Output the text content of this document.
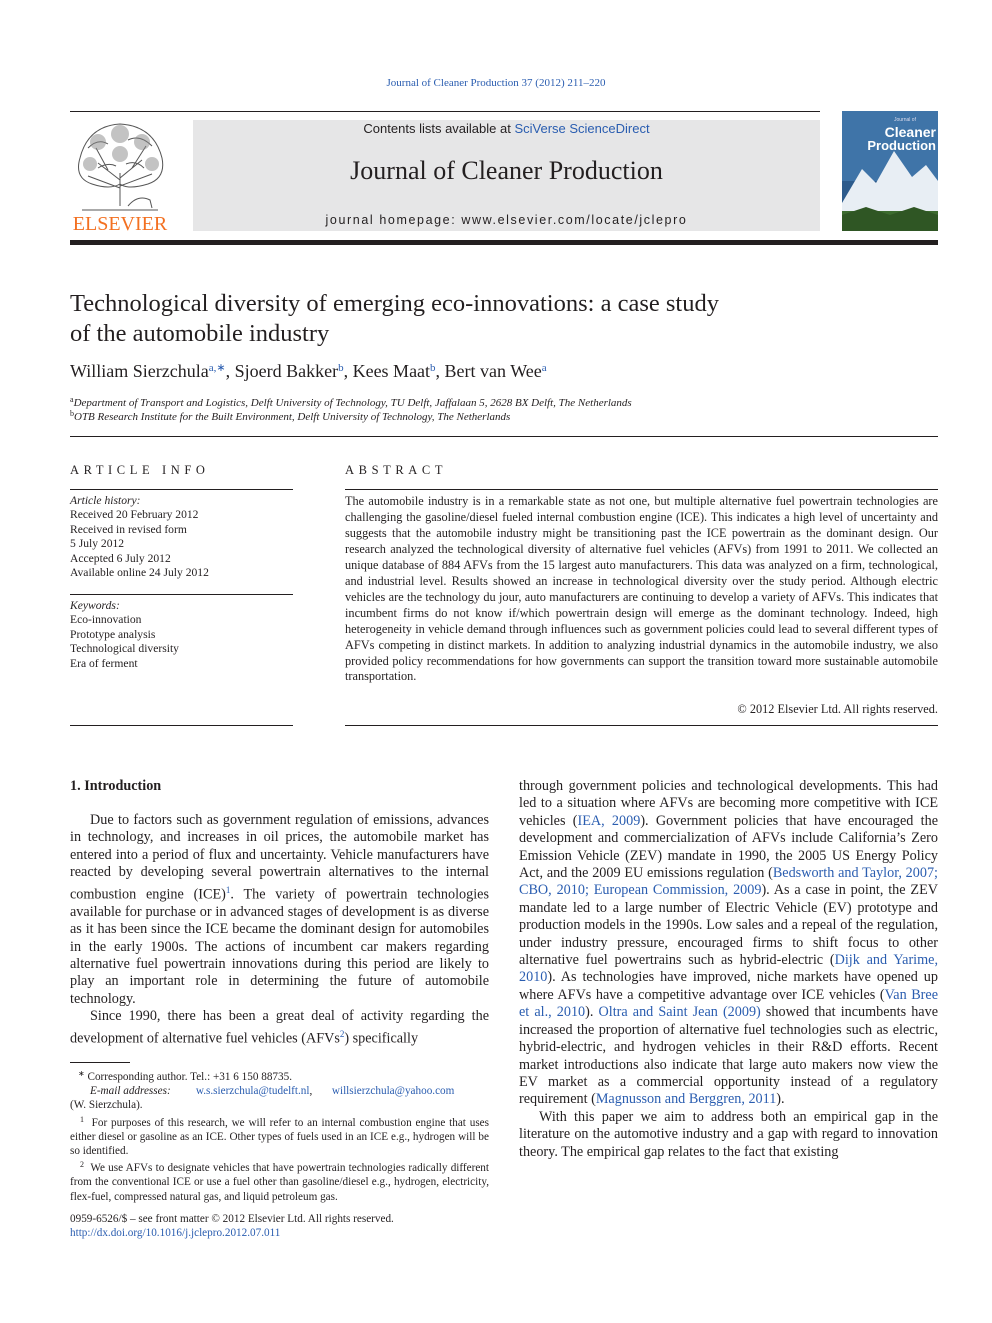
Journal of Cleaner Production 37 (2012) 211–220
ELSEVIER
Contents lists available at SciVerse ScienceDirect
Journal of Cleaner Production
journal homepage: www.elsevier.com/locate/jclepro
Journal of
Cleaner
Production
Technological diversity of emerging eco-innovations: a case study
of the automobile industry
William Sierzchula$^{a,∗}$, Sjoerd Bakker$^b$, Kees Maat$^b$, Bert van Wee$^a$
$^a$Department of Transport and Logistics, Delft University of Technology, TU Delft, Jaffalaan 5, 2628 BX Delft, The Netherlands
$^b$OTB Research Institute for the Built Environment, Delft University of Technology, The Netherlands
ARTICLE INFO
Article history:
Received 20 February 2012
Received in revised form
5 July 2012
Accepted 6 July 2012
Available online 24 July 2012
Keywords:
Eco-innovation
Prototype analysis
Technological diversity
Era of ferment
ABSTRACT
The automobile industry is in a remarkable state as not one, but multiple alternative fuel powertrain technologies are challenging the gasoline/diesel fueled internal combustion engine (ICE). This indicates a high level of uncertainty and suggests that the automobile industry might be transitioning past the ICE powertrain as the dominant design. Our research analyzed the technological diversity of alternative fuel vehicles (AFVs) from 1991 to 2011. We collected an unique database of 884 AFVs from the 15 largest auto manufacturers. This data was analyzed on a firm, technological, and industrial level. Results showed an increase in technological diversity over the study period. Although electric vehicles are the technology du jour, auto manufacturers are continuing to develop a variety of AFVs. This indicates that incumbent firms do not know if/which powertrain design will emerge as the dominant technology. Indeed, high heterogeneity in vehicle demand through influences such as government policies could lead to several different types of AFVs competing in distinct markets. In addition to analyzing industrial dynamics in the automobile industry, we also provided policy recommendations for how governments can support the transition toward more sustainable automobile transportation.
© 2012 Elsevier Ltd. All rights reserved.
1. Introduction

Due to factors such as government regulation of emissions, advances in technology, and increases in oil prices, the automobile market has entered into a period of flux and uncertainty. Vehicle manufacturers have reacted by developing several powertrain alternatives to the internal combustion engine (ICE)$^1$. The variety of powertrain technologies available for purchase or in advanced stages of development is as diverse as it has been since the ICE became the dominant design for automobiles in the early 1900s. The actions of incumbent car makers regarding alternative fuel powertrain innovations during this period are likely to play an important role in determining the future of automobile technology.

Since 1990, there has been a great deal of activity regarding the development of alternative fuel vehicles (AFVs$^2$) specifically

through government policies and technological developments. This had led to a situation where AFVs are becoming more competitive with ICE vehicles (IEA, 2009). Government policies that have encouraged the development and commercialization of AFVs include California’s Zero Emission Vehicle (ZEV) mandate in 1990, the 2005 US Energy Policy Act, and the 2009 EU emissions regulation (Bedsworth and Taylor, 2007; CBO, 2010; European Commission, 2009). As a case in point, the ZEV mandate led to a large number of Electric Vehicle (EV) prototype and production models in the 1990s. Low sales and a repeal of the regulation, under industry pressure, encouraged firms to shift focus to other alternative fuel powertrains such as hybrid-electric (Dijk and Yarime, 2010). As technologies have improved, niche markets have opened up where AFVs have a competitive advantage over ICE vehicles (Van Bree et al., 2010). Oltra and Saint Jean (2009) showed that incumbents have increased the proportion of alternative fuel technologies such as electric, hybrid-electric, and hydrogen vehicles in their R&D efforts. Recent market introductions also indicate that large auto makers now view the EV market as a commercial opportunity instead of a regulatory requirement (Magnusson and Berggren, 2011).

With this paper we aim to address both an empirical gap in the literature on the automotive industry and a gap with regard to innovation theory. The empirical gap relates to the fact that existing

∗ Corresponding author. Tel.: +31 6 150 88735.

E-mail addresses: w.s.sierzchula@tudelft.nl,       willsierzchula@yahoo.com

(W. Sierzchula).

$^1$ For purposes of this research, we will refer to an internal combustion engine that uses either diesel or gasoline as an ICE. Other types of fuels used in an ICE e.g., hydrogen will be so identified.

$^2$ We use AFVs to designate vehicles that have powertrain technologies radically different from the conventional ICE or use a fuel other than gasoline/diesel e.g., hydrogen, electricity, flex-fuel, compressed natural gas, and liquid petroleum gas.

0959-6526/$ – see front matter © 2012 Elsevier Ltd. All rights reserved.
http://dx.doi.org/10.1016/j.jclepro.2012.07.011
